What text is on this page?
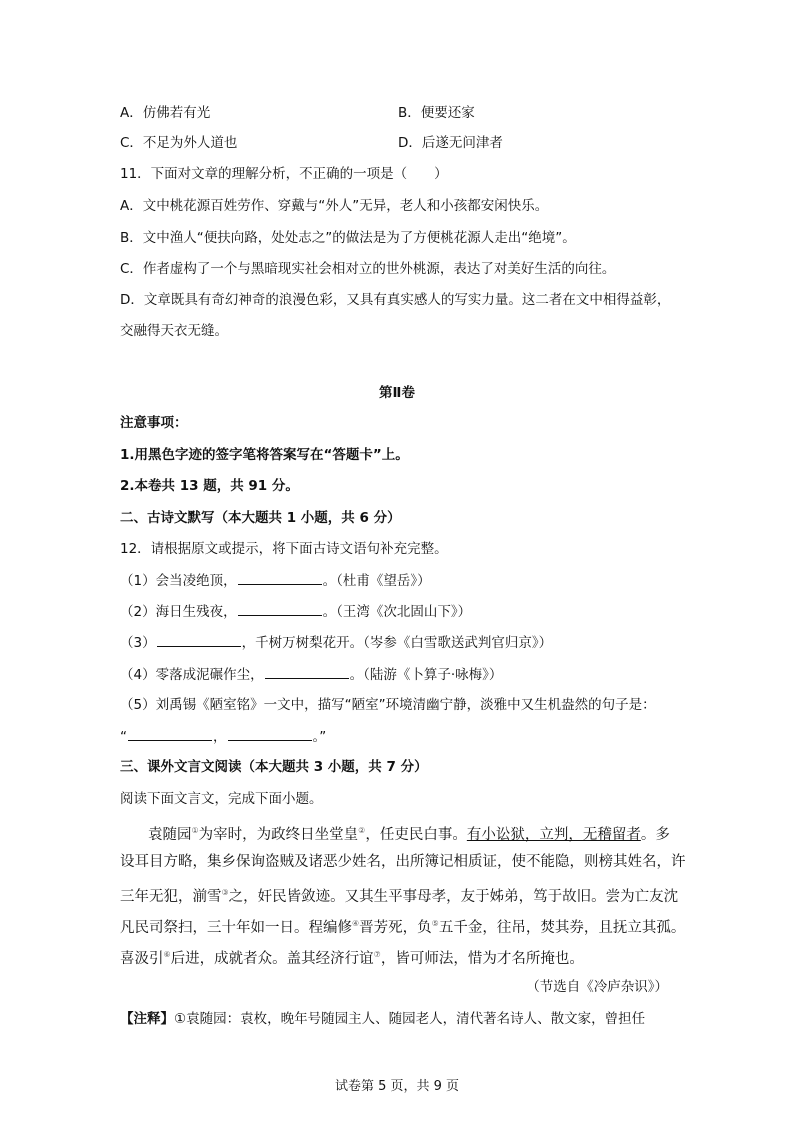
A．仿佛若有光	B．便要还家
C．不足为外人道也	D．后遂无问津者
11．下面对文章的理解分析，不正确的一项是（　　）
A．文中桃花源百姓劳作、穿戴与“外人”无异，老人和小孩都安闲快乐。
B．文中渔人“便扶向路，处处志之”的做法是为了方便桃花源人走出“绝境”。
C．作者虚构了一个与黑暗现实社会相对立的世外桃源，表达了对美好生活的向往。
D．文章既具有奇幻神奇的浪漫色彩，又具有真实感人的写实力量。这二者在文中相得益彰，
交融得天衣无缝。
第Ⅱ卷
注意事项：
1.用黑色字迹的签字笔将答案写在“答题卡”上。
2.本卷共 13 题，共 91 分。
二、古诗文默写（本大题共 1 小题，共 6 分）
12．请根据原文或提示，将下面古诗文语句补充完整。
（1）会当凌绝顶，	。（杜甫《望岳》）
（2）海日生残夜，	。（王湾《次北固山下》）
（3）	，千树万树梨花开。（岑参《白雪歌送武判官归京》）
（4）零落成泥碾作尘，	。（陆游《卜算子·咏梅》）
（5）刘禹锡《陋室铭》一文中，描写“陋室”环境清幽宁静，淡雅中又生机盎然的句子是：
“	，	。”
三、课外文言文阅读（本大题共 3 小题，共 7 分）
阅读下面文言文，完成下面小题。
袁随园①为宰时，为政终日坐堂皇②，任吏民白事。有小讼狱，立判，无稽留者。多
设耳目方略，集乡保询盗贼及诸恶少姓名，出所簿记相质证，使不能隐，则榜其姓名，许
三年无犯，湔雪③之，奸民皆敛迹。又其生平事母孝，友于姊弟，笃于故旧。尝为亡友沈
凡民司祭扫，三十年如一日。程编修④晋芳死，负⑤五千金，往吊，焚其券，且抚立其孤。
喜汲引⑥后进，成就者众。盖其经济行谊⑦，皆可师法，惜为才名所掩也。
（节选自《冷庐杂识》）
【注释】①袁随园：袁枚，晚年号随园主人、随园老人，清代著名诗人、散文家，曾担任
试卷第 5 页，共 9 页
